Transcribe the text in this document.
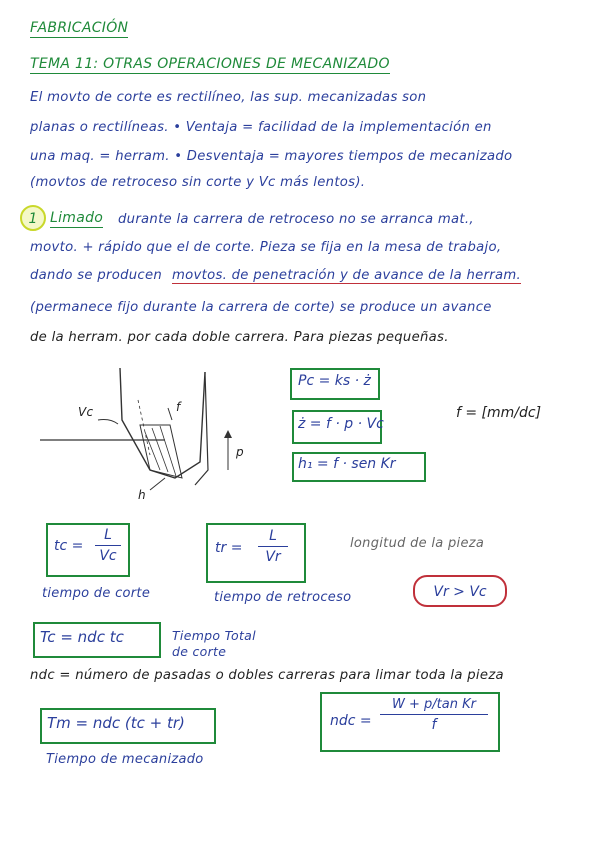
FABRICACIÓN
TEMA 11: OTRAS OPERACIONES DE MECANIZADO
El movto de corte es rectilíneo, las sup. mecanizadas son
planas o rectilíneas. • Ventaja = facilidad de la implementación en
una maq. = herram. • Desventaja = mayores tiempos de mecanizado
(movtos de retroceso sin corte y Vc más lentos).
1 Limado durante la carrera de retroceso no se arranca mat.,
movto. + rápido que el de corte. Pieza se fija en la mesa de trabajo,
dando se producen movtos. de penetración y de avance de la herram.
(permanece fijo durante la carrera de corte) se produce un avance
de la herram. por cada doble carrera. Para piezas pequeñas.
Vc	f
p
h
Pc = ks · ż
ż = f · p · Vc
h₁ = f · sen Kr
f = [mm/dc]
tc =
L
Vc
tiempo de corte
tr =
L
Vr
tiempo de retroceso
longitud de la pieza
Vr > Vc
Tc = ndc tc	Tiempo Total de corte
ndc = número de pasadas o dobles carreras para limar toda la pieza
Tm = ndc (tc + tr)
Tiempo de mecanizado
ndc =
W + p/tan Kr
f
